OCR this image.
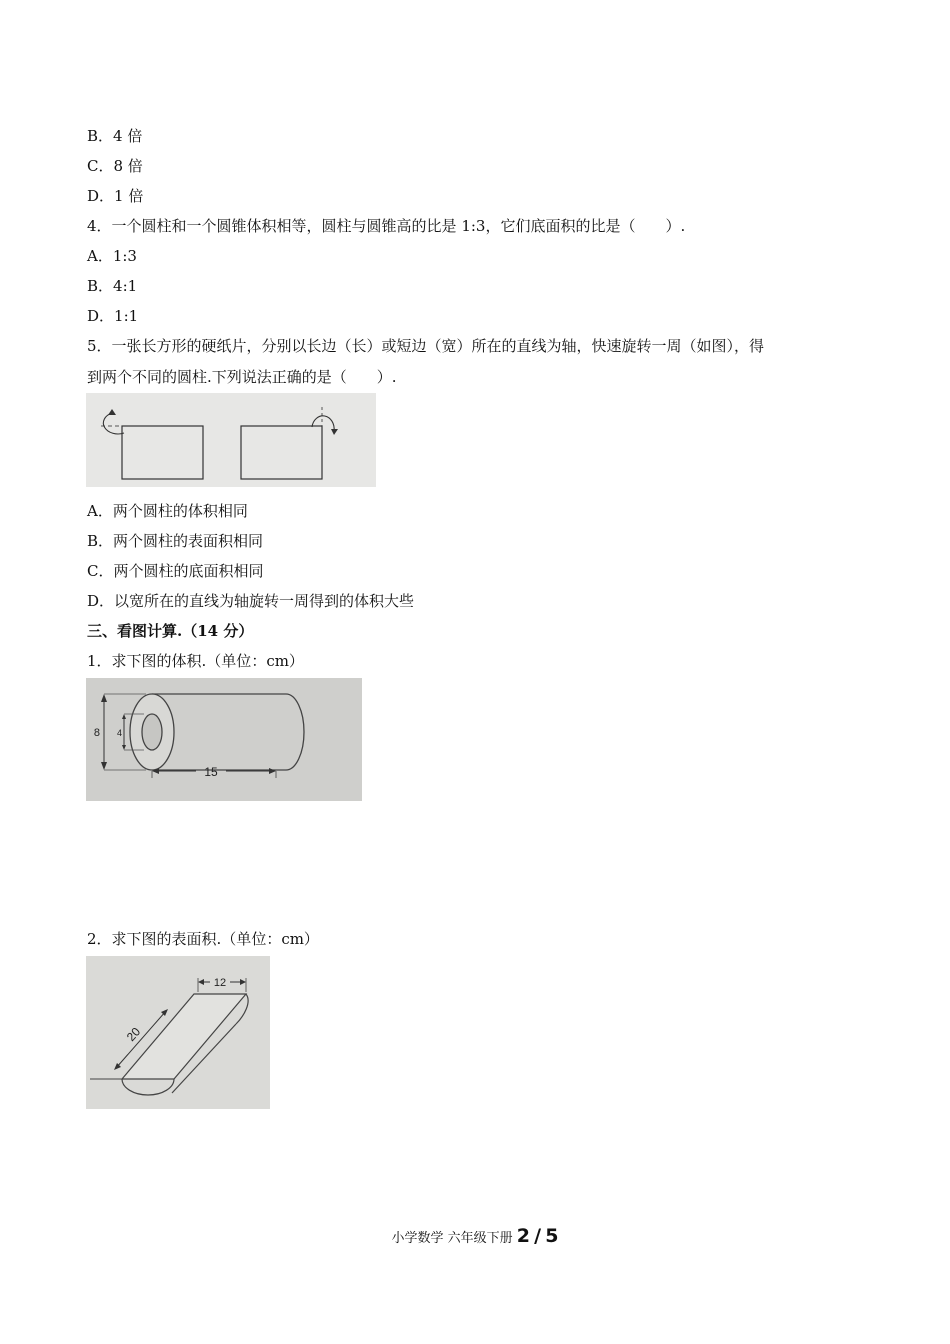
B．4 倍
C．8 倍
D．1 倍
4．一个圆柱和一个圆锥体积相等，圆柱与圆锥高的比是 1:3，它们底面积的比是（　　）.
A．1:3
B．4:1
D．1:1
5．一张长方形的硬纸片，分别以长边（长）或短边（宽）所在的直线为轴，快速旋转一周（如图），得
到两个不同的圆柱.下列说法正确的是（　　）.
A．两个圆柱的体积相同
B．两个圆柱的表面积相同
C．两个圆柱的底面积相同
D．以宽所在的直线为轴旋转一周得到的体积大些
三、看图计算.（14 分）
1．求下图的体积.（单位：cm）
8 4
15
2．求下图的表面积.（单位：cm）
12
20
小学数学 六年级下册 2 / 5
